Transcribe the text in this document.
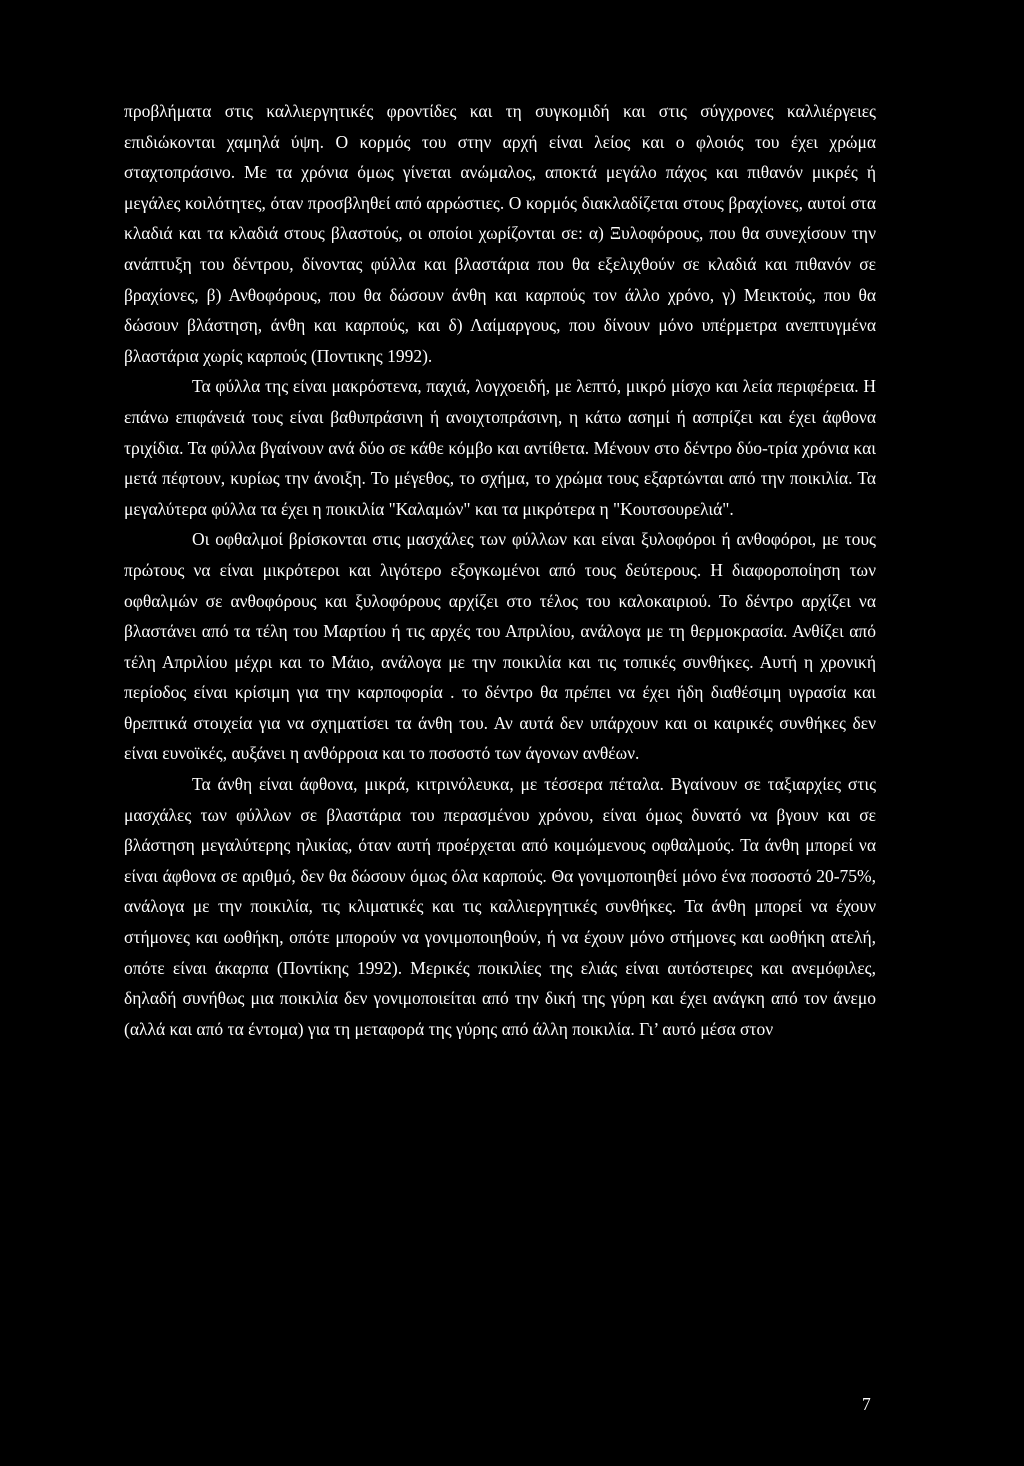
προβλήματα στις καλλιεργητικές φροντίδες και τη συγκομιδή και στις σύγχρονες καλλιέργειες επιδιώκονται χαμηλά ύψη. Ο κορμός του στην αρχή είναι λείος και ο φλοιός του έχει χρώμα σταχτοπράσινο. Με τα χρόνια όμως γίνεται ανώμαλος, αποκτά μεγάλο πάχος και πιθανόν μικρές ή μεγάλες κοιλότητες, όταν προσβληθεί από αρρώστιες. Ο κορμός διακλαδίζεται στους βραχίονες, αυτοί στα κλαδιά και τα κλαδιά στους βλαστούς, οι οποίοι χωρίζονται σε: α) Ξυλοφόρους, που θα συνεχίσουν την ανάπτυξη του δέντρου, δίνοντας φύλλα και βλαστάρια που θα εξελιχθούν σε κλαδιά και πιθανόν σε βραχίονες, β) Ανθοφόρους, που θα δώσουν άνθη και καρπούς τον άλλο χρόνο, γ) Μεικτούς, που θα δώσουν βλάστηση, άνθη και καρπούς, και δ) Λαίμαργους, που δίνουν μόνο υπέρμετρα ανεπτυγμένα βλαστάρια χωρίς καρπούς (Ποντικης 1992).

Τα φύλλα της είναι μακρόστενα, παχιά, λογχοειδή, με λεπτό, μικρό μίσχο και λεία περιφέρεια. Η επάνω επιφάνειά τους είναι βαθυπράσινη ή ανοιχτοπράσινη, η κάτω ασημί ή ασπρίζει και έχει άφθονα τριχίδια. Τα φύλλα βγαίνουν ανά δύο σε κάθε κόμβο και αντίθετα. Μένουν στο δέντρο δύο-τρία χρόνια και μετά πέφτουν, κυρίως την άνοιξη. Το μέγεθος, το σχήμα, το χρώμα τους εξαρτώνται από την ποικιλία. Τα μεγαλύτερα φύλλα τα έχει η ποικιλία "Καλαμών" και τα μικρότερα η "Κουτσουρελιά".

Οι οφθαλμοί βρίσκονται στις μασχάλες των φύλλων και είναι ξυλοφόροι ή ανθοφόροι, με τους πρώτους να είναι μικρότεροι και λιγότερο εξογκωμένοι από τους δεύτερους. Η διαφοροποίηση των οφθαλμών σε ανθοφόρους και ξυλοφόρους αρχίζει στο τέλος του καλοκαιριού. Το δέντρο αρχίζει να βλαστάνει από τα τέλη του Μαρτίου ή τις αρχές του Απριλίου, ανάλογα με τη θερμοκρασία. Ανθίζει από τέλη Απριλίου μέχρι και το Μάιο, ανάλογα με την ποικιλία και τις τοπικές συνθήκες. Αυτή η χρονική περίοδος είναι κρίσιμη για την καρποφορία . το δέντρο θα πρέπει να έχει ήδη διαθέσιμη υγρασία και θρεπτικά στοιχεία για να σχηματίσει τα άνθη του. Αν αυτά δεν υπάρχουν και οι καιρικές συνθήκες δεν είναι ευνοϊκές, αυξάνει η ανθόρροια και το ποσοστό των άγονων ανθέων.

Τα άνθη είναι άφθονα, μικρά, κιτρινόλευκα, με τέσσερα πέταλα. Βγαίνουν σε ταξιαρχίες στις μασχάλες των φύλλων σε βλαστάρια του περασμένου χρόνου, είναι όμως δυνατό να βγουν και σε βλάστηση μεγαλύτερης ηλικίας, όταν αυτή προέρχεται από κοιμώμενους οφθαλμούς. Τα άνθη μπορεί να είναι άφθονα σε αριθμό, δεν θα δώσουν όμως όλα καρπούς. Θα γονιμοποιηθεί μόνο ένα ποσοστό 20-75%, ανάλογα με την ποικιλία, τις κλιματικές και τις καλλιεργητικές συνθήκες. Τα άνθη μπορεί να έχουν στήμονες και ωοθήκη, οπότε μπορούν να γονιμοποιηθούν, ή να έχουν μόνο στήμονες και ωοθήκη ατελή, οπότε είναι άκαρπα (Ποντίκης 1992). Μερικές ποικιλίες της ελιάς είναι αυτόστειρες και ανεμόφιλες, δηλαδή συνήθως μια ποικιλία δεν γονιμοποιείται από την δική της γύρη και έχει ανάγκη από τον άνεμο (αλλά και από τα έντομα) για τη μεταφορά της γύρης από άλλη ποικιλία. Γι’ αυτό μέσα στον

7
